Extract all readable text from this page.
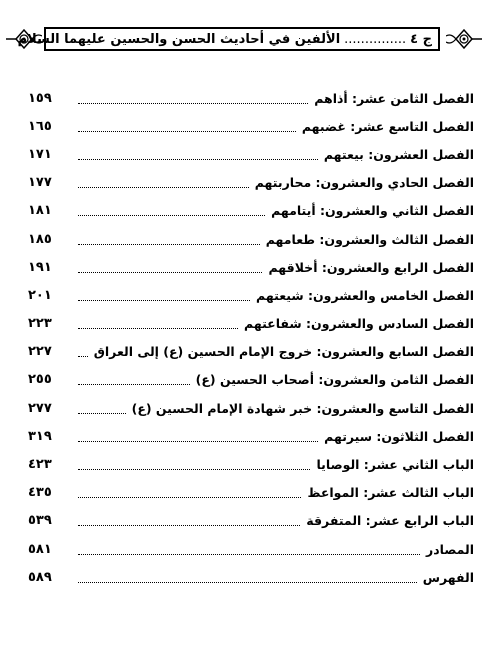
ج ٤
...............
الألفين في أحاديث الحسن والحسين عليهما السلام
الفصل الثامن عشر: أذاهم
١٥٩
الفصل التاسع عشر: غضبهم
١٦٥
الفصل العشرون: بيعتهم
١٧١
الفصل الحادي والعشرون: محاربتهم
١٧٧
الفصل الثاني والعشرون: أيتامهم
١٨١
الفصل الثالث والعشرون: طعامهم
١٨٥
الفصل الرابع والعشرون: أخلاقهم
١٩١
الفصل الخامس والعشرون: شيعتهم
٢٠١
الفصل السادس والعشرون: شفاعتهم
٢٢٣
الفصل السابع والعشرون: خروج الإمام الحسين (ع) إلى العراق
٢٢٧
الفصل الثامن والعشرون: أصحاب الحسين (ع)
٢٥٥
الفصل التاسع والعشرون: خبر شهادة الإمام الحسين (ع)
٢٧٧
الفصل الثلاثون: سيرتهم
٣١٩
الباب الثاني عشر: الوصايا
٤٢٣
الباب الثالث عشر: المواعظ
٤٣٥
الباب الرابع عشر: المتفرقة
٥٣٩
المصادر
٥٨١
الفهرس
٥٨٩
